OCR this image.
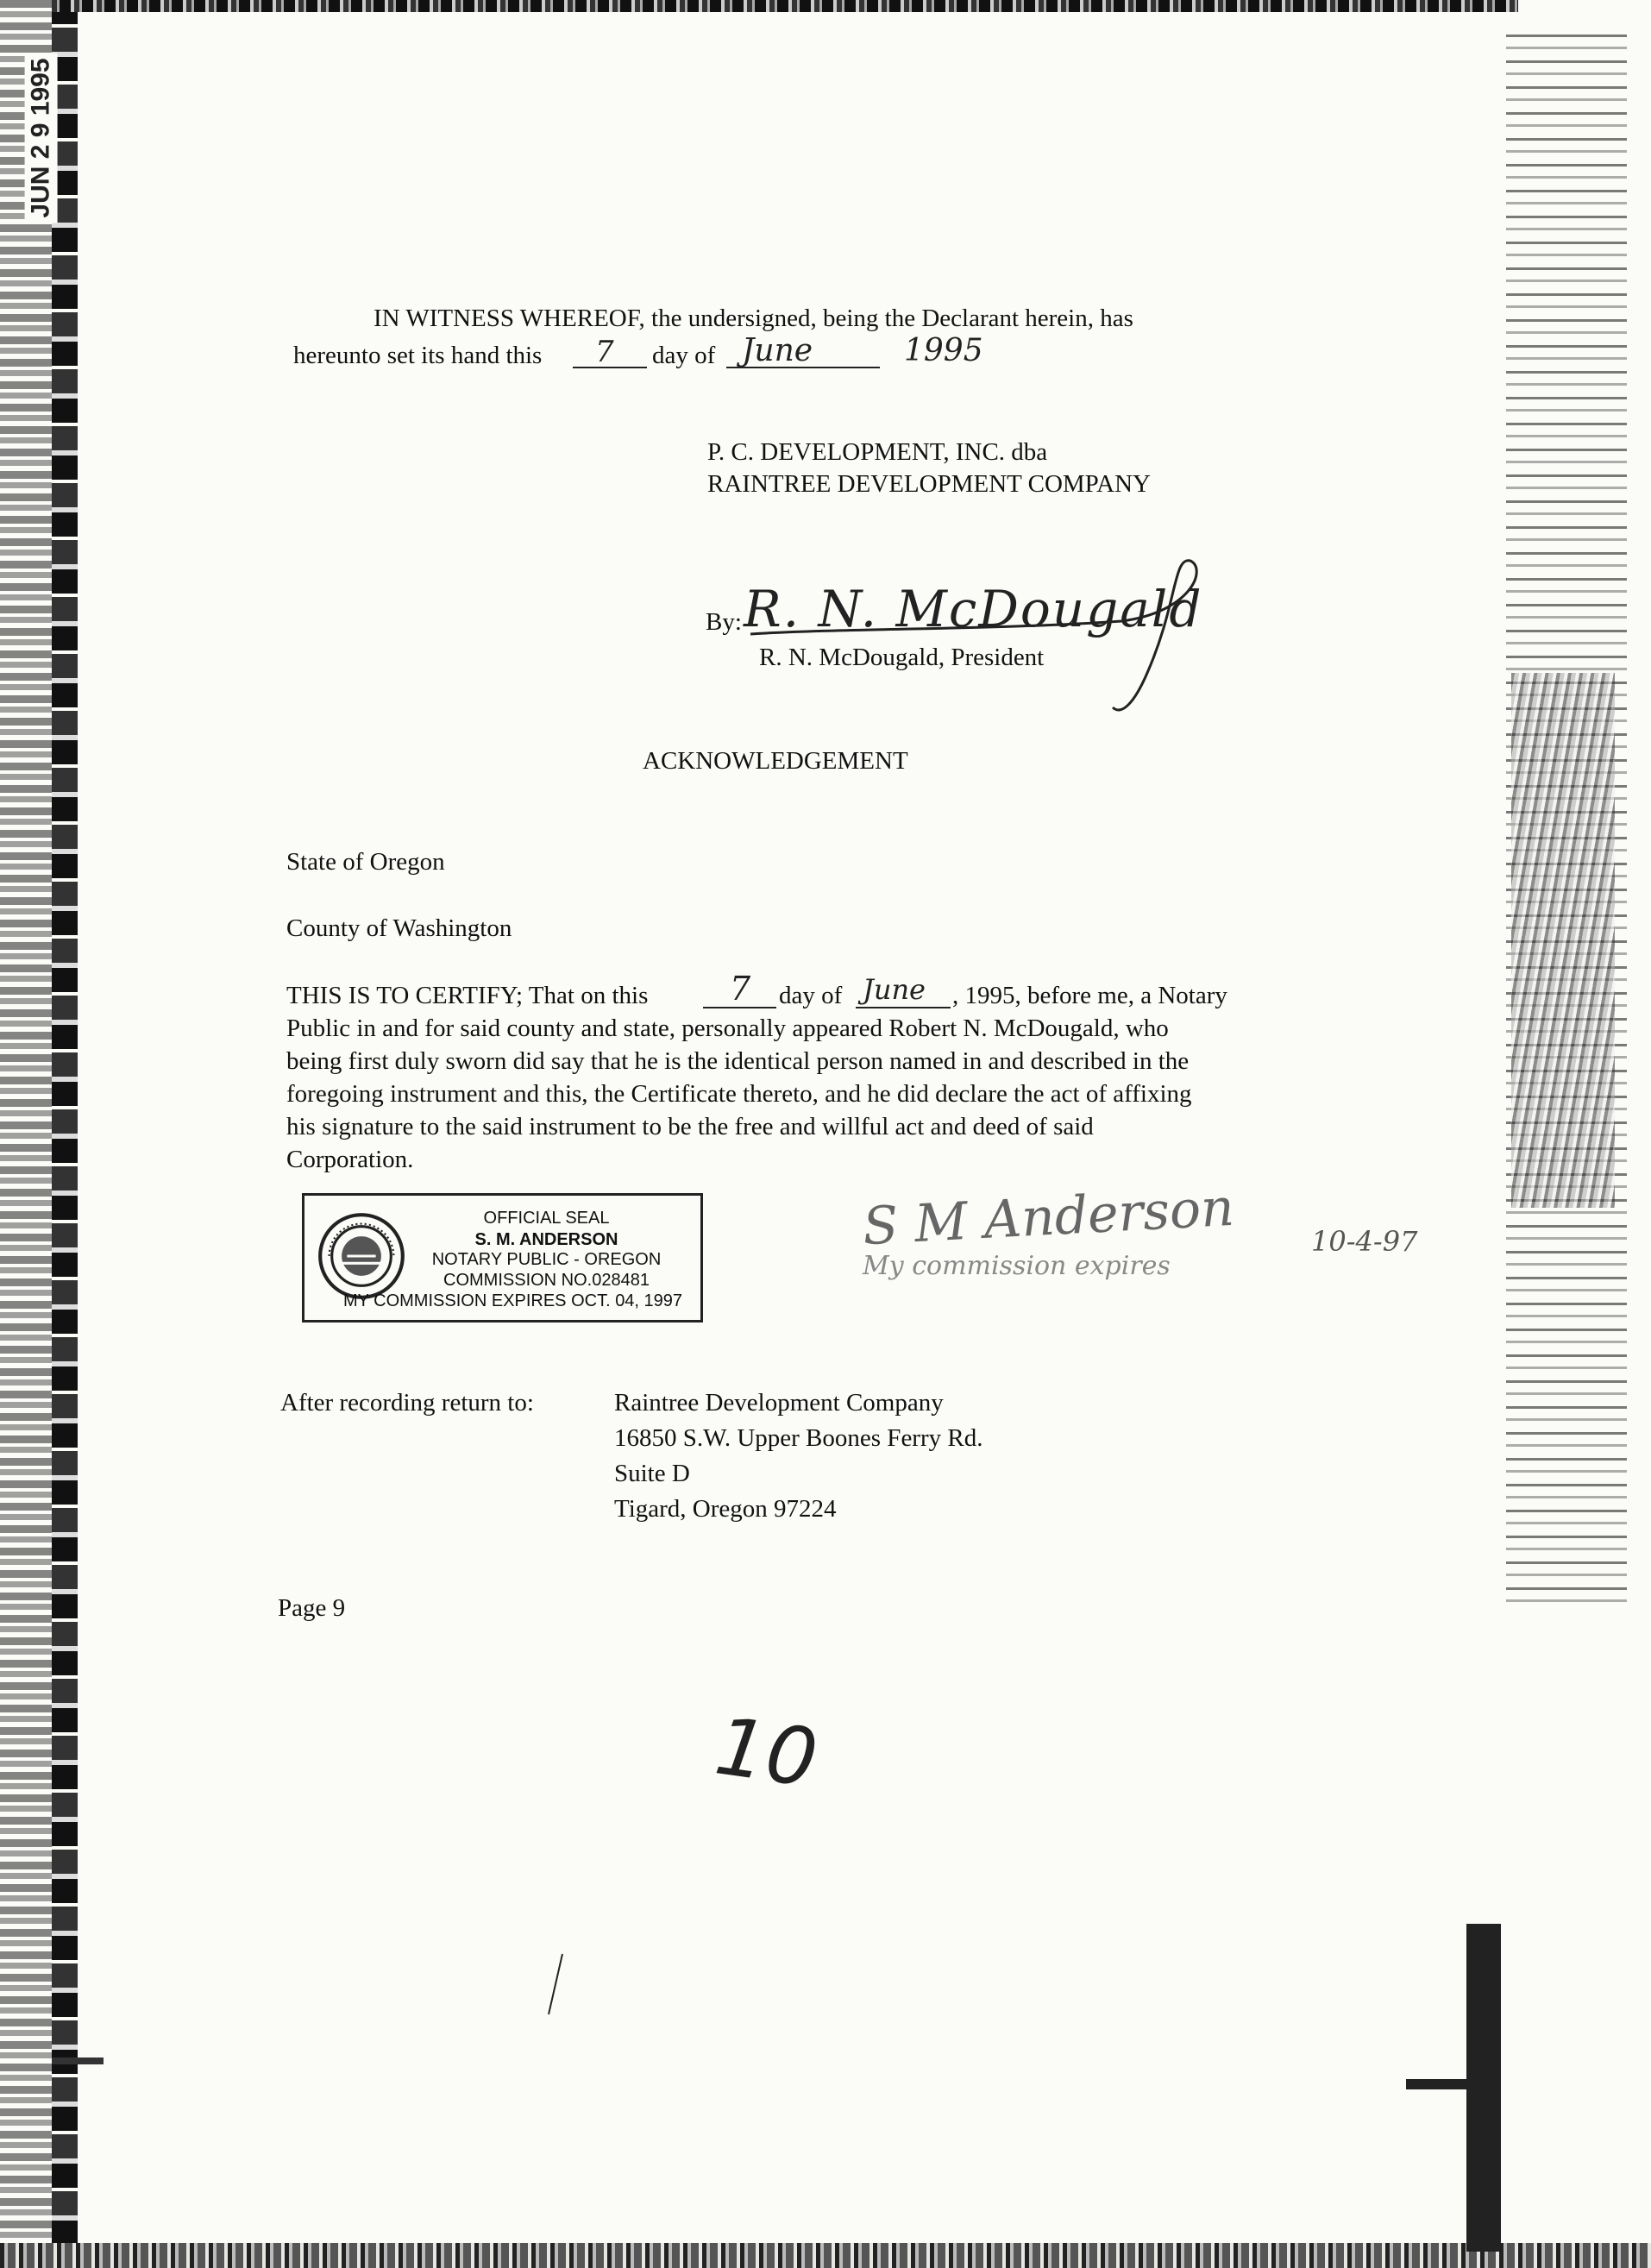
JUN 2 9 1995
IN WITNESS WHEREOF, the undersigned, being the Declarant herein, has
hereunto set its hand this 7 day of June	1995
P. C. DEVELOPMENT, INC. dba
RAINTREE DEVELOPMENT COMPANY
By: R. N. McDougald
R. N. McDougald, President
ACKNOWLEDGEMENT
State of Oregon
County of Washington
THIS IS TO CERTIFY; That on this 7 day of June , 1995, before me, a Notary
Public in and for said county and state, personally appeared Robert N. McDougald, who
being first duly sworn did say that he is the identical person named in and described in the
foregoing instrument and this, the Certificate thereto, and he did declare the act of affixing
his signature to the said instrument to be the free and willful act and deed of said
Corporation.
OFFICIAL SEAL
S. M. ANDERSON
NOTARY PUBLIC - OREGON
COMMISSION NO.028481
MY COMMISSION EXPIRES OCT. 04, 1997
S M Anderson
My commission expires
10-4-97
After recording return to:	Raintree Development Company
16850 S.W. Upper Boones Ferry Rd.
Suite D
Tigard, Oregon 97224
Page 9
10
